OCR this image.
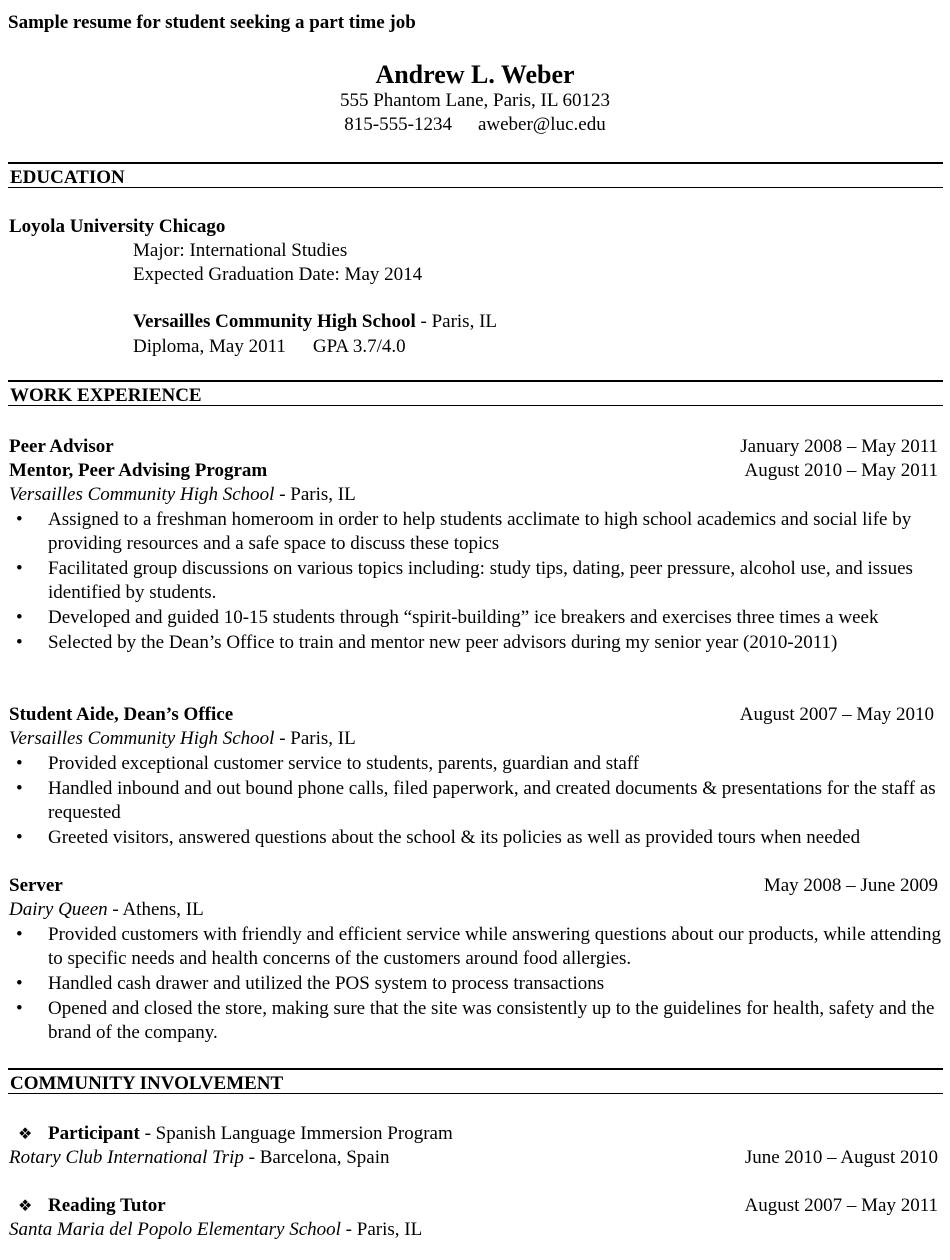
Sample resume for student seeking a part time job
Andrew L. Weber
555 Phantom Lane, Paris, IL 60123
815-555-1234 aweber@luc.edu
EDUCATION
Loyola University Chicago
Major: International Studies
Expected Graduation Date: May 2014
Versailles Community High School - Paris, IL
Diploma, May 2011 GPA 3.7/4.0
WORK EXPERIENCE
Peer Advisor	January 2008 – May 2011
Mentor, Peer Advising Program	August 2010 – May 2011
Versailles Community High School - Paris, IL
• Assigned to a freshman homeroom in order to help students acclimate to high school academics and social life by providing resources and a safe space to discuss these topics
• Facilitated group discussions on various topics including: study tips, dating, peer pressure, alcohol use, and issues identified by students.
• Developed and guided 10-15 students through “spirit-building” ice breakers and exercises three times a week
• Selected by the Dean’s Office to train and mentor new peer advisors during my senior year (2010-2011)
Student Aide, Dean’s Office	August 2007 – May 2010
Versailles Community High School - Paris, IL
• Provided exceptional customer service to students, parents, guardian and staff
• Handled inbound and out bound phone calls, filed paperwork, and created documents & presentations for the staff as requested
• Greeted visitors, answered questions about the school & its policies as well as provided tours when needed
Server	May 2008 – June 2009
Dairy Queen - Athens, IL
• Provided customers with friendly and efficient service while answering questions about our products, while attending to specific needs and health concerns of the customers around food allergies.
• Handled cash drawer and utilized the POS system to process transactions
• Opened and closed the store, making sure that the site was consistently up to the guidelines for health, safety and the brand of the company.
COMMUNITY INVOLVEMENT
❖ Participant - Spanish Language Immersion Program
Rotary Club International Trip - Barcelona, Spain	June 2010 – August 2010
❖ Reading Tutor	August 2007 – May 2011
Santa Maria del Popolo Elementary School - Paris, IL
